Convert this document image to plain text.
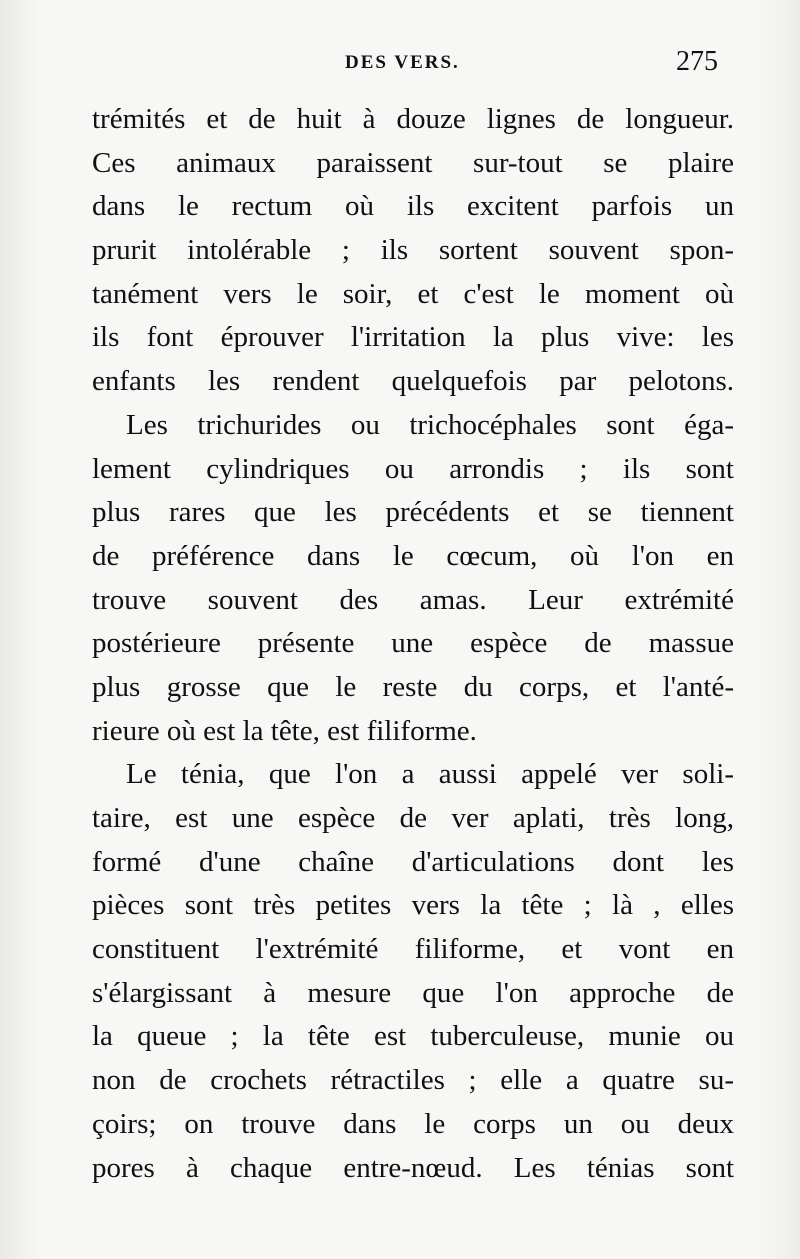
DES VERS.	275
trémités et de huit à douze lignes de longueur.
Ces animaux paraissent sur-tout se plaire
dans le rectum où ils excitent parfois un
prurit intolérable ; ils sortent souvent spon-
tanément vers le soir, et c'est le moment où
ils font éprouver l'irritation la plus vive: les
enfants les rendent quelquefois par pelotons.
Les trichurides ou trichocéphales sont éga-
lement cylindriques ou arrondis ; ils sont
plus rares que les précédents et se tiennent
de préférence dans le cœcum, où l'on en
trouve souvent des amas. Leur extrémité
postérieure présente une espèce de massue
plus grosse que le reste du corps, et l'anté-
rieure où est la tête, est filiforme.
Le ténia, que l'on a aussi appelé ver soli-
taire, est une espèce de ver aplati, très long,
formé d'une chaîne d'articulations dont les
pièces sont très petites vers la tête ; là , elles
constituent l'extrémité filiforme, et vont en
s'élargissant à mesure que l'on approche de
la queue ; la tête est tuberculeuse, munie ou
non de crochets rétractiles ; elle a quatre su-
çoirs; on trouve dans le corps un ou deux
pores à chaque entre-nœud. Les ténias sont
